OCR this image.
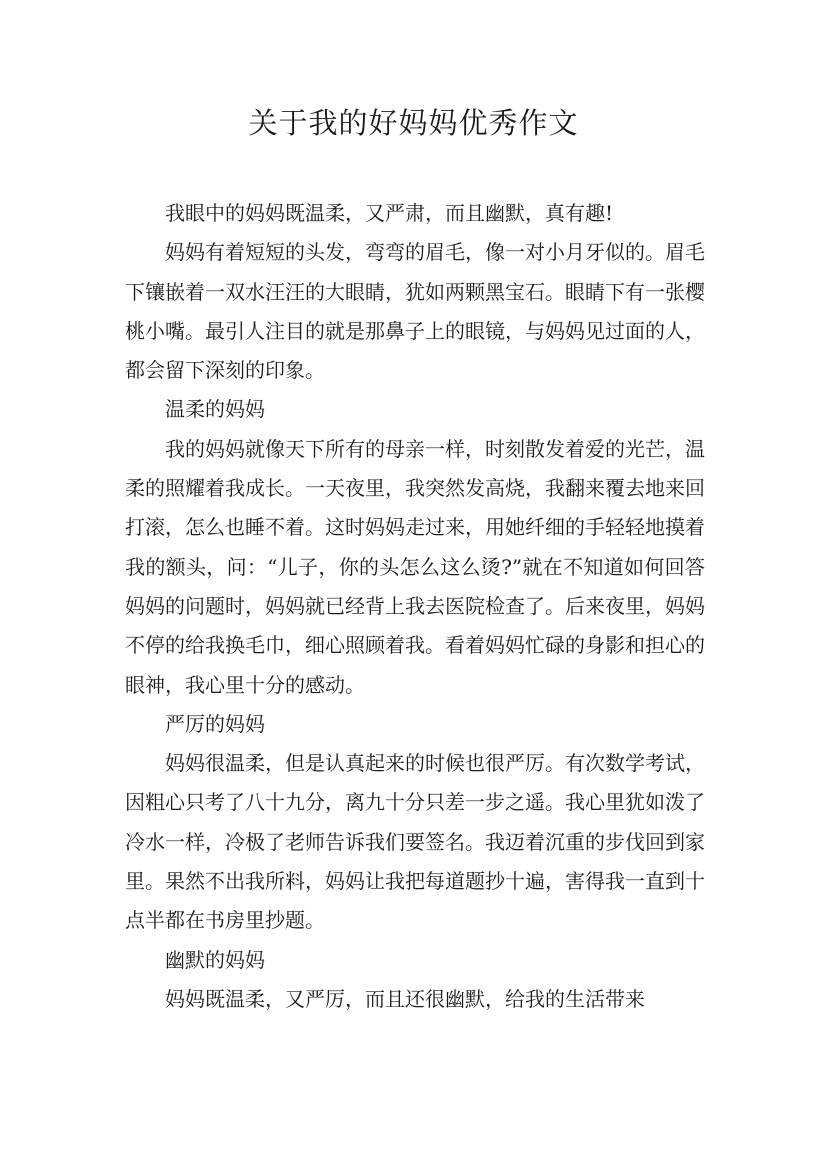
关于我的好妈妈优秀作文

我眼中的妈妈既温柔，又严肃，而且幽默，真有趣!

妈妈有着短短的头发，弯弯的眉毛，像一对小月牙似的。眉毛下镶嵌着一双水汪汪的大眼睛，犹如两颗黑宝石。眼睛下有一张樱桃小嘴。最引人注目的就是那鼻子上的眼镜，与妈妈见过面的人，都会留下深刻的印象。

温柔的妈妈

我的妈妈就像天下所有的母亲一样，时刻散发着爱的光芒，温柔的照耀着我成长。一天夜里，我突然发高烧，我翻来覆去地来回打滚，怎么也睡不着。这时妈妈走过来，用她纤细的手轻轻地摸着我的额头，问：“儿子，你的头怎么这么烫?”就在不知道如何回答妈妈的问题时，妈妈就已经背上我去医院检查了。后来夜里，妈妈不停的给我换毛巾，细心照顾着我。看着妈妈忙碌的身影和担心的眼神，我心里十分的感动。

严厉的妈妈

妈妈很温柔，但是认真起来的时候也很严厉。有次数学考试，因粗心只考了八十九分，离九十分只差一步之遥。我心里犹如泼了冷水一样，冷极了老师告诉我们要签名。我迈着沉重的步伐回到家里。果然不出我所料，妈妈让我把每道题抄十遍，害得我一直到十点半都在书房里抄题。

幽默的妈妈

妈妈既温柔，又严厉，而且还很幽默，给我的生活带来
